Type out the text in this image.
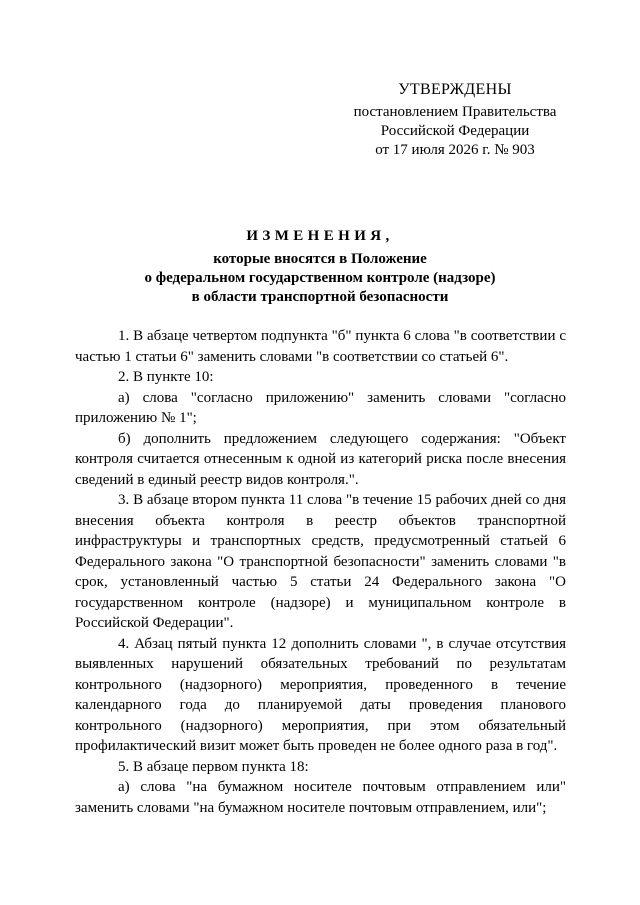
УТВЕРЖДЕНЫ
постановлением Правительства
Российской Федерации
от 17 июля 2026 г. № 903
ИЗМЕНЕНИЯ,
которые вносятся в Положение
о федеральном государственном контроле (надзоре)
в области транспортной безопасности

1. В абзаце четвертом подпункта "б" пункта 6 слова "в соответствии с частью 1 статьи 6" заменить словами "в соответствии со статьей 6".

2. В пункте 10:

а) слова "согласно приложению" заменить словами "согласно приложению № 1";

б) дополнить предложением следующего содержания: "Объект контроля считается отнесенным к одной из категорий риска после внесения сведений в единый реестр видов контроля.".

3. В абзаце втором пункта 11 слова "в течение 15 рабочих дней со дня внесения объекта контроля в реестр объектов транспортной инфраструктуры и транспортных средств, предусмотренный статьей 6 Федерального закона "О транспортной безопасности" заменить словами "в срок, установленный частью 5 статьи 24 Федерального закона "О государственном контроле (надзоре) и муниципальном контроле в Российской Федерации".

4. Абзац пятый пункта 12 дополнить словами ", в случае отсутствия выявленных нарушений обязательных требований по результатам контрольного (надзорного) мероприятия, проведенного в течение календарного года до планируемой даты проведения планового контрольного (надзорного) мероприятия, при этом обязательный профилактический визит может быть проведен не более одного раза в год".

5. В абзаце первом пункта 18:

а) слова "на бумажном носителе почтовым отправлением или" заменить словами "на бумажном носителе почтовым отправлением, или";
